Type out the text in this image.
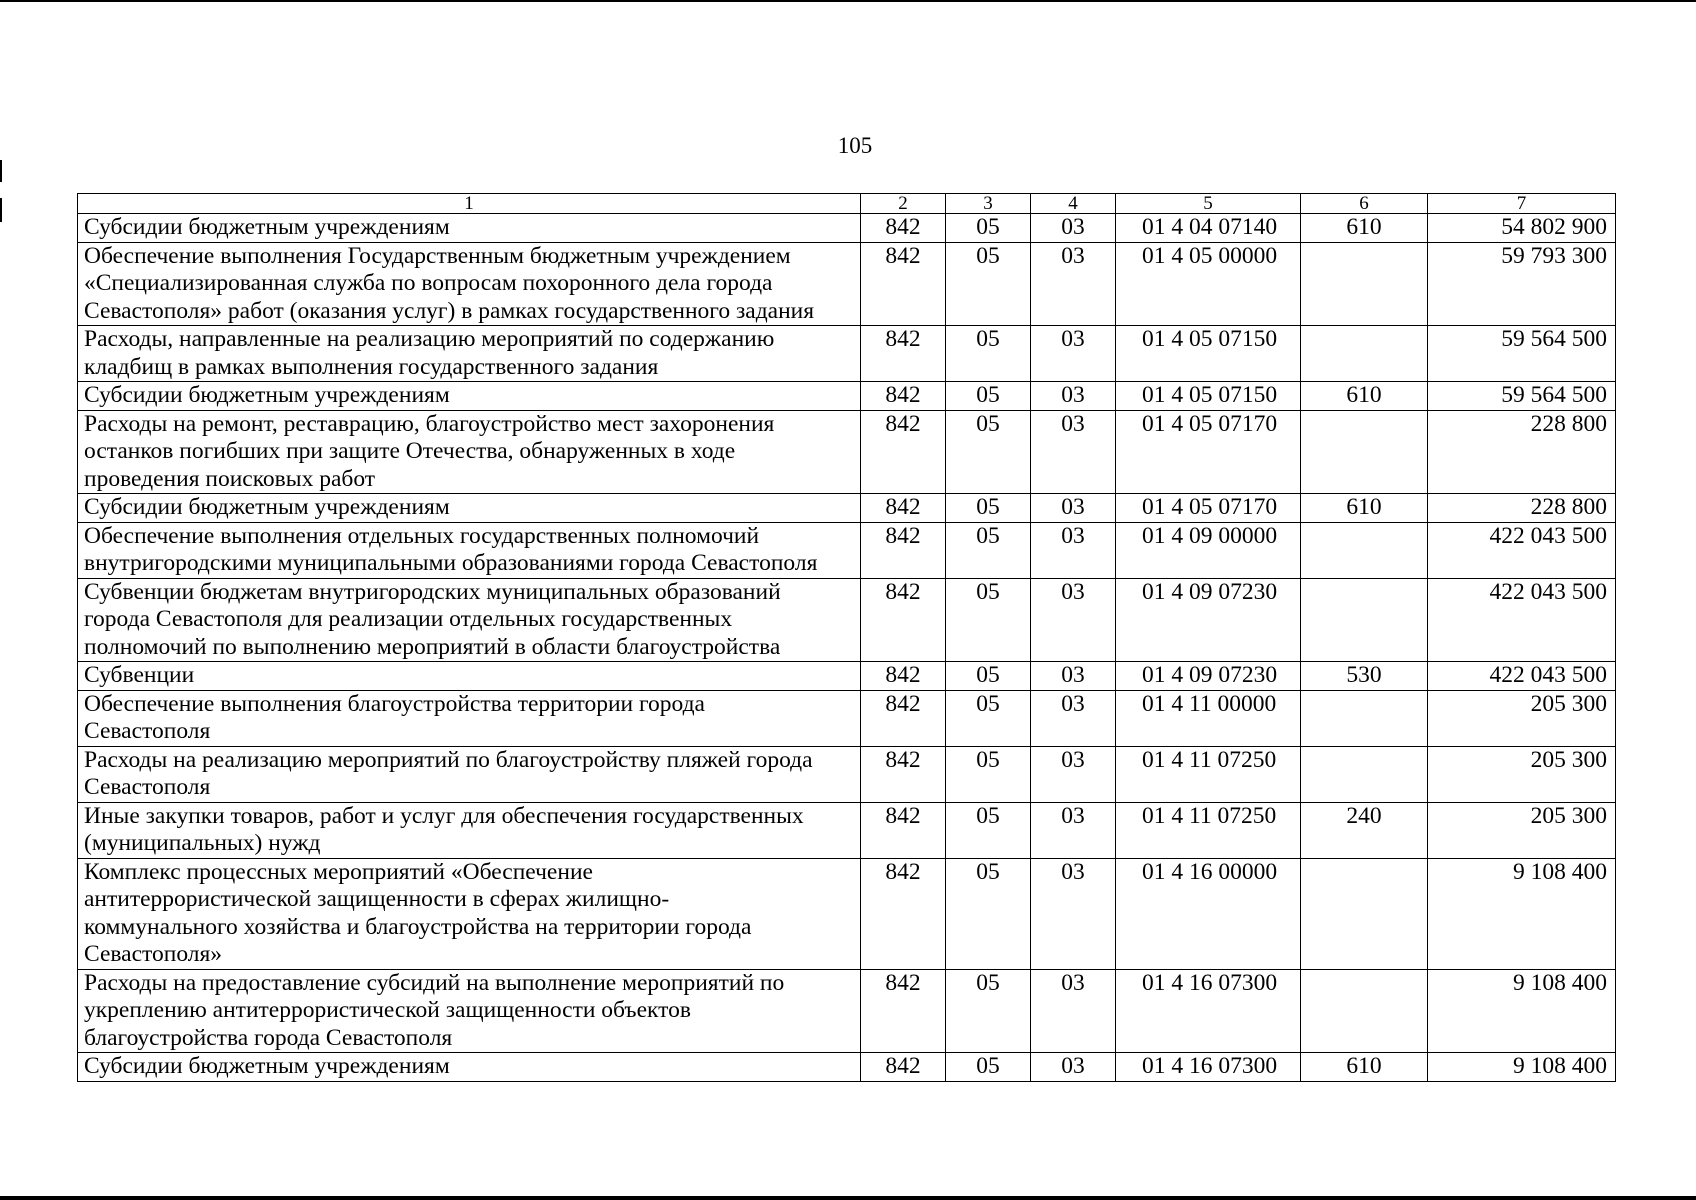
105
1	2	3	4	5	6	7

Субсидии бюджетным учреждениям	842	05	03	01 4 04 07140	610	54 802 900

Обеспечение выполнения Государственным бюджетным учреждением
«Специализированная служба по вопросам похоронного дела города
Севастополя» работ (оказания услуг) в рамках государственного задания	842	05	03	01 4 05 00000		59 793 300

Расходы, направленные на реализацию мероприятий по содержанию
кладбищ в рамках выполнения государственного задания	842	05	03	01 4 05 07150		59 564 500

Субсидии бюджетным учреждениям	842	05	03	01 4 05 07150	610	59 564 500

Расходы на ремонт, реставрацию, благоустройство мест захоронения
останков погибших при защите Отечества, обнаруженных в ходе
проведения поисковых работ	842	05	03	01 4 05 07170		228 800

Субсидии бюджетным учреждениям	842	05	03	01 4 05 07170	610	228 800

Обеспечение выполнения отдельных государственных полномочий
внутригородскими муниципальными образованиями города Севастополя	842	05	03	01 4 09 00000		422 043 500

Субвенции бюджетам внутригородских муниципальных образований
города Севастополя для реализации отдельных государственных
полномочий по выполнению мероприятий в области благоустройства	842	05	03	01 4 09 07230		422 043 500

Субвенции	842	05	03	01 4 09 07230	530	422 043 500

Обеспечение выполнения благоустройства территории города
Севастополя	842	05	03	01 4 11 00000		205 300

Расходы на реализацию мероприятий по благоустройству пляжей города
Севастополя	842	05	03	01 4 11 07250		205 300

Иные закупки товаров, работ и услуг для обеспечения государственных
(муниципальных) нужд	842	05	03	01 4 11 07250	240	205 300

Комплекс процессных мероприятий «Обеспечение
антитеррористической защищенности в сферах жилищно-
коммунального хозяйства и благоустройства на территории города
Севастополя»	842	05	03	01 4 16 00000		9 108 400

Расходы на предоставление субсидий на выполнение мероприятий по
укреплению антитеррористической защищенности объектов
благоустройства города Севастополя	842	05	03	01 4 16 07300		9 108 400

Субсидии бюджетным учреждениям	842	05	03	01 4 16 07300	610	9 108 400
